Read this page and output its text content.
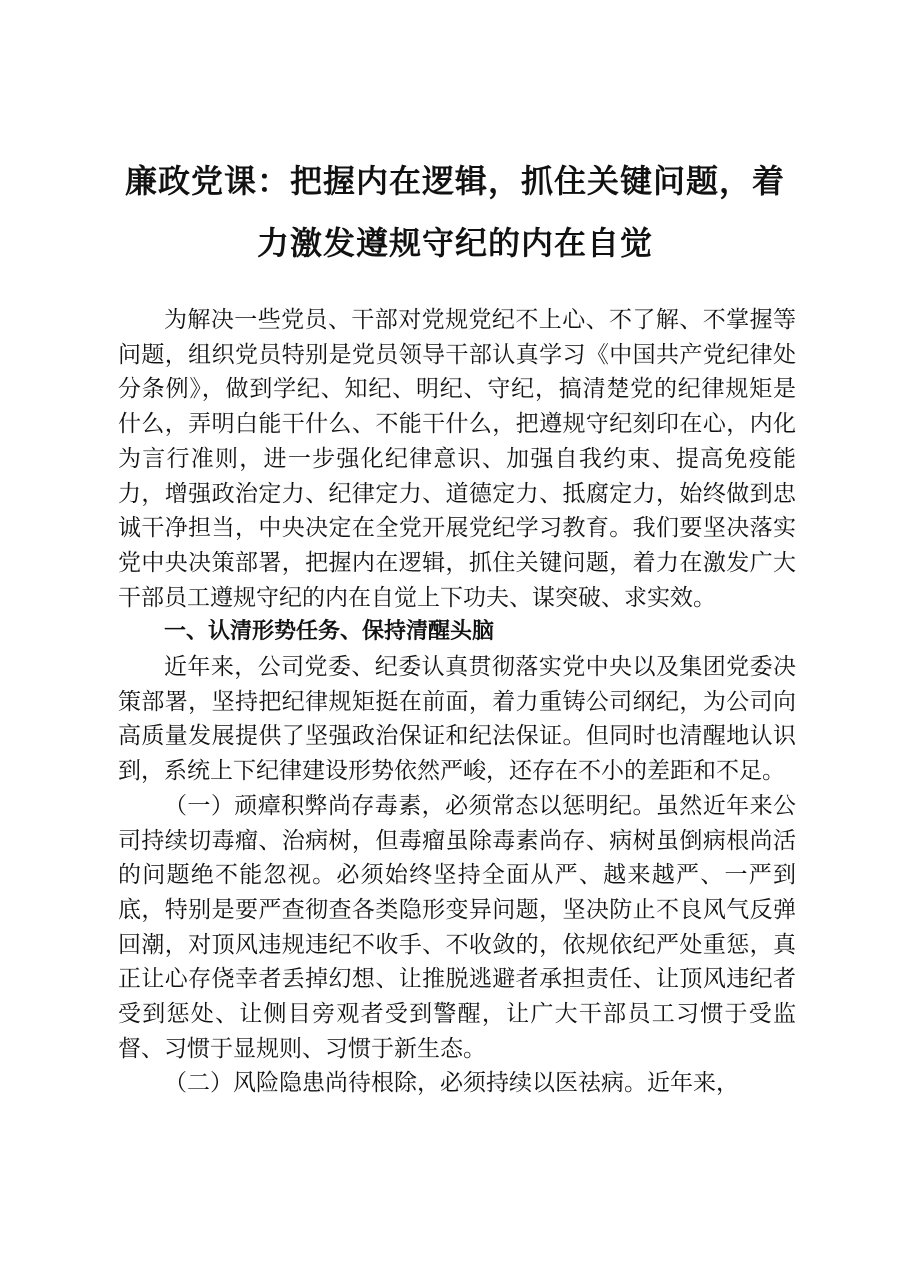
廉政党课：把握内在逻辑，抓住关键问题，着力激发遵规守纪的内在自觉

为解决一些党员、干部对党规党纪不上心、不了解、不掌握等问题，组织党员特别是党员领导干部认真学习《中国共产党纪律处分条例》，做到学纪、知纪、明纪、守纪，搞清楚党的纪律规矩是什么，弄明白能干什么、不能干什么，把遵规守纪刻印在心，内化为言行准则，进一步强化纪律意识、加强自我约束、提高免疫能力，增强政治定力、纪律定力、道德定力、抵腐定力，始终做到忠诚干净担当，中央决定在全党开展党纪学习教育。我们要坚决落实党中央决策部署，把握内在逻辑，抓住关键问题，着力在激发广大干部员工遵规守纪的内在自觉上下功夫、谋突破、求实效。

一、认清形势任务、保持清醒头脑

近年来，公司党委、纪委认真贯彻落实党中央以及集团党委决策部署，坚持把纪律规矩挺在前面，着力重铸公司纲纪，为公司向高质量发展提供了坚强政治保证和纪法保证。但同时也清醒地认识到，系统上下纪律建设形势依然严峻，还存在不小的差距和不足。

（一）顽瘴积弊尚存毒素，必须常态以惩明纪。虽然近年来公司持续切毒瘤、治病树，但毒瘤虽除毒素尚存、病树虽倒病根尚活的问题绝不能忽视。必须始终坚持全面从严、越来越严、一严到底，特别是要严查彻查各类隐形变异问题，坚决防止不良风气反弹回潮，对顶风违规违纪不收手、不收敛的，依规依纪严处重惩，真正让心存侥幸者丢掉幻想、让推脱逃避者承担责任、让顶风违纪者受到惩处、让侧目旁观者受到警醒，让广大干部员工习惯于受监督、习惯于显规则、习惯于新生态。

（二）风险隐患尚待根除，必须持续以医祛病。近年来，
